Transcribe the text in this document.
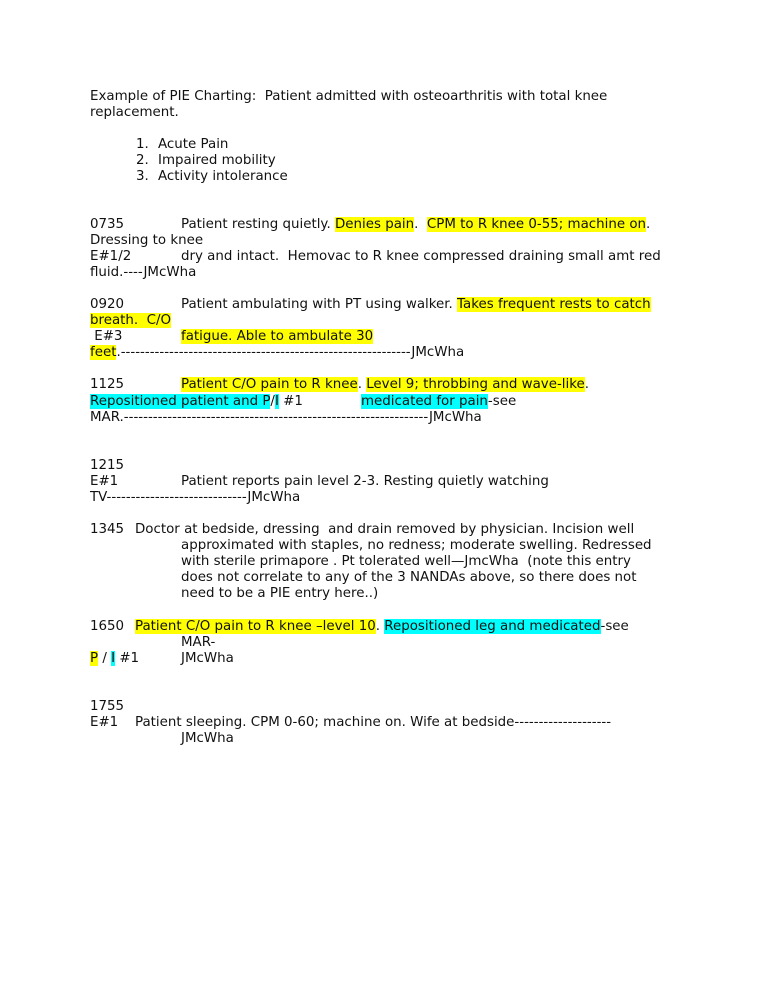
Example of PIE Charting:  Patient admitted with osteoarthritis with total knee
replacement.
1. Acute Pain
2. Impaired mobility
3. Activity intolerance
0735	Patient resting quietly. Denies pain.  CPM to R knee 0-55; machine on.
Dressing to knee
E#1/2	dry and intact.  Hemovac to R knee compressed draining small amt red
fluid.----JMcWha
0920	Patient ambulating with PT using walker. Takes frequent rests to catch
breath.  C/O
E#3	fatigue. Able to ambulate 30
feet.------------------------------------------------------------JMcWha
1125	Patient C/O pain to R knee. Level 9; throbbing and wave-like.
Repositioned patient and P/I #1	medicated for pain-see
MAR.---------------------------------------------------------------JMcWha
1215
E#1	Patient reports pain level 2-3. Resting quietly watching
TV-----------------------------JMcWha
1345 Doctor at bedside, dressing  and drain removed by physician. Incision well
approximated with staples, no redness; moderate swelling. Redressed
with sterile primapore . Pt tolerated well—JmcWha  (note this entry
does not correlate to any of the 3 NANDAs above, so there does not
need to be a PIE entry here..)
1650 Patient C/O pain to R knee –level 10. Repositioned leg and medicated-see
MAR-
P / I #1	JMcWha
1755
E#1 Patient sleeping. CPM 0-60; machine on. Wife at bedside--------------------
JMcWha
